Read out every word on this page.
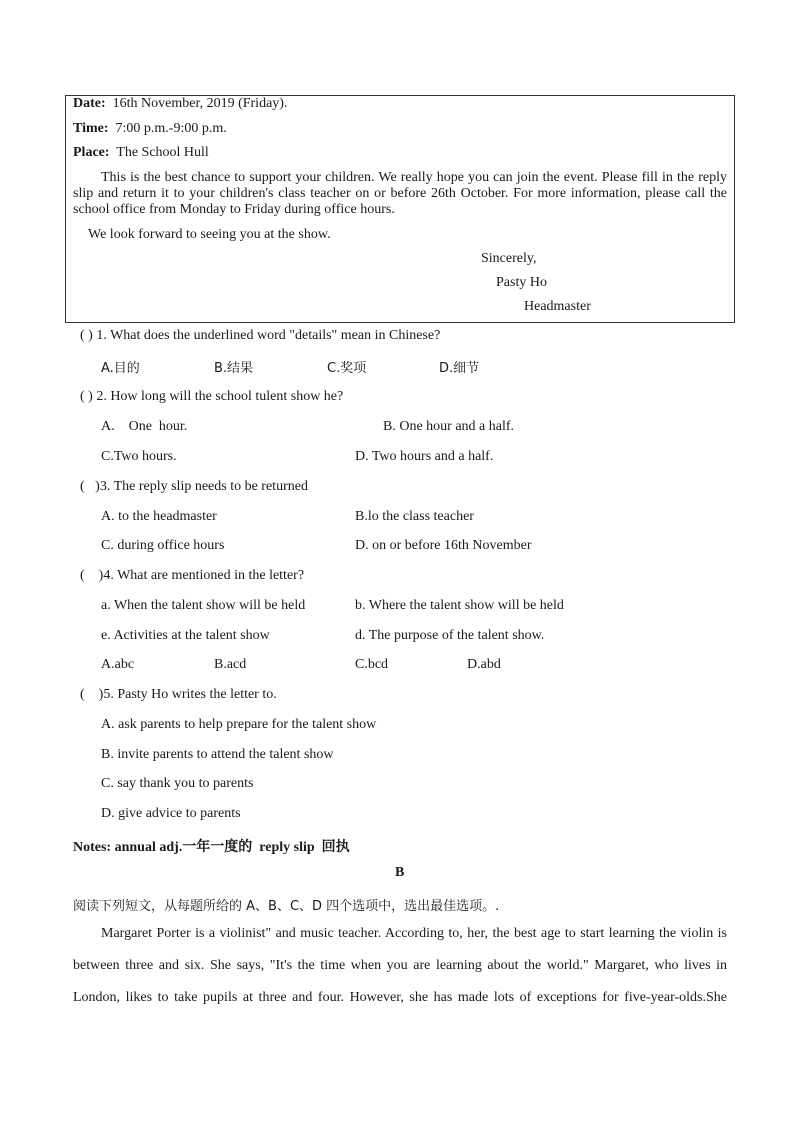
Date: 16th November, 2019 (Friday).
Time: 7:00 p.m.-9:00 p.m.
Place: The School Hull
This is the best chance to support your children. We really hope you can join the event. Please fill in the reply slip and return it to your children's class teacher on or before 26th October. For more information, please call the school office from Monday to Friday during office hours.
We look forward to seeing you at the show.
Sincerely,
Pasty Ho
Headmaster
( ) 1. What does the underlined word "details" mean in Chinese?
A.目的	B.结果	C.奖项	D.细节
( ) 2. How long will the school tulent show he?
A.    One  hour.	B. One hour and a half.
C.Two hours.	D. Two hours and a half.
(   )3. The reply slip needs to be returned
A. to the headmaster	B.lo the class teacher
C. during office hours	D. on or before 16th November
(    )4. What are mentioned in the letter?
a. When the talent show will be held	b. Where the talent show will be held
e. Activities at the talent show	d. The purpose of the talent show.
A.abc	B.acd	C.bcd	D.abd
(    )5. Pasty Ho writes the letter to.
A. ask parents to help prepare for the talent show
B. invite parents to attend the talent show
C. say thank you to parents
D. give advice to parents
Notes: annual adj.一年一度的  reply slip  回执
B
阅读下列短文，从每题所给的 A、B、C、D 四个选项中，选出最佳选项。.
Margaret Porter is a violinist" and music teacher. According to, her, the best age to start learning the violin is
between three and six. She says, "It's the time when you are learning about the world." Margaret, who lives in
London, likes to take pupils at three and four. However, she has made lots of exceptions for five-year-olds.She
